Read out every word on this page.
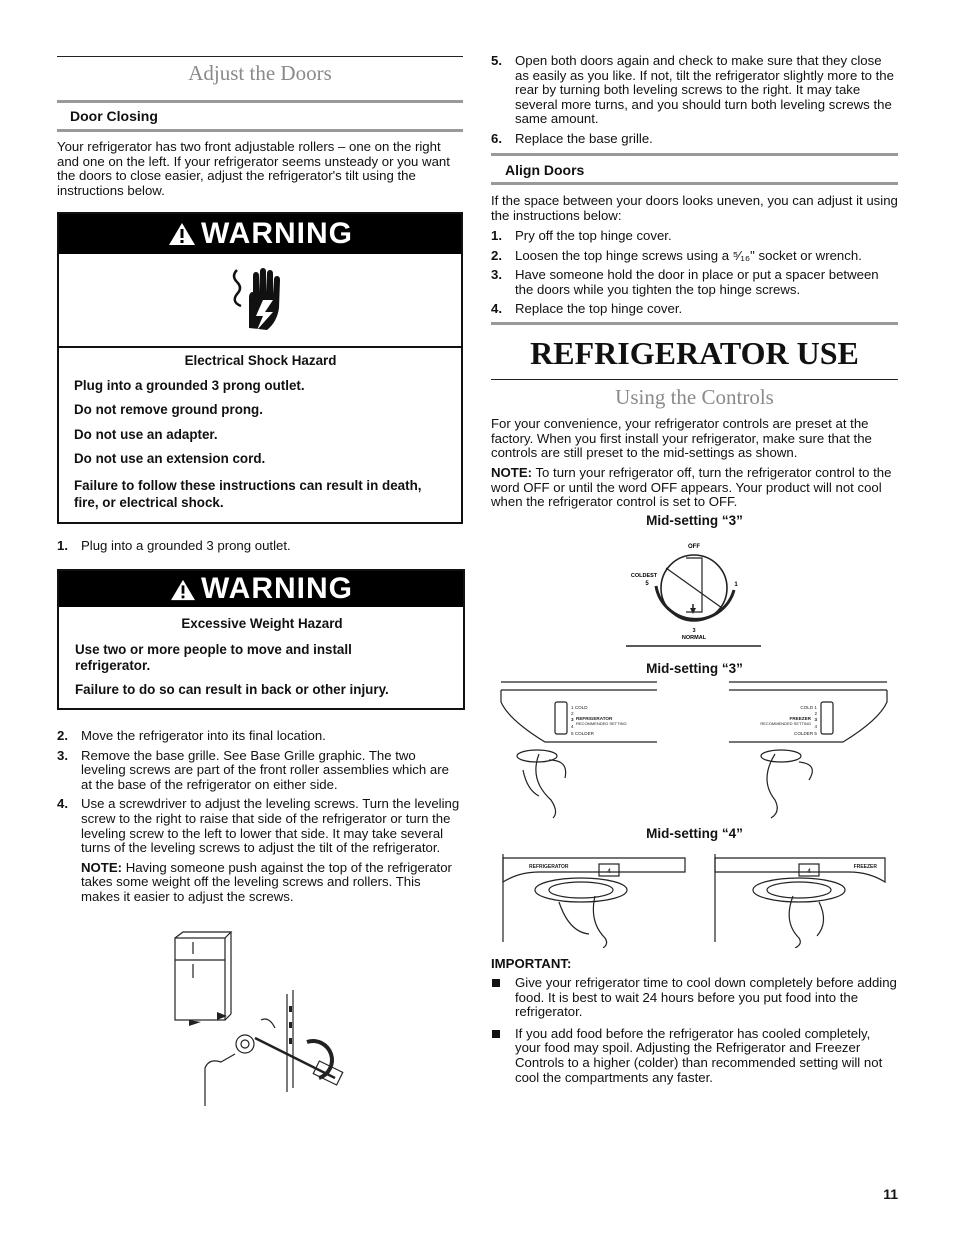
Adjust the Doors
Door Closing

Your refrigerator has two front adjustable rollers – one on the right and one on the left. If your refrigerator seems unsteady or you want the doors to close easier, adjust the refrigerator's tilt using the instructions below.

WARNING
Electrical Shock Hazard
Plug into a grounded 3 prong outlet.
Do not remove ground prong.
Do not use an adapter.
Do not use an extension cord.
Failure to follow these instructions can result in death, fire, or electrical shock.
1. Plug into a grounded 3 prong outlet.
WARNING
Excessive Weight Hazard
Use two or more people to move and install refrigerator.
Failure to do so can result in back or other injury.
2. Move the refrigerator into its final location.
3. Remove the base grille. See Base Grille graphic. The two leveling screws are part of the front roller assemblies which are at the base of the refrigerator on either side.
4. Use a screwdriver to adjust the leveling screws. Turn the leveling screw to the right to raise that side of the refrigerator or turn the leveling screw to the left to lower that side. It may take several turns of the leveling screws to adjust the tilt of the refrigerator.
NOTE: Having someone push against the top of the refrigerator takes some weight off the leveling screws and rollers. This makes it easier to adjust the screws.
5. Open both doors again and check to make sure that they close as easily as you like. If not, tilt the refrigerator slightly more to the rear by turning both leveling screws to the right. It may take several more turns, and you should turn both leveling screws the same amount.
6. Replace the base grille.
Align Doors

If the space between your doors looks uneven, you can adjust it using the instructions below:

1. Pry off the top hinge cover.
2. Loosen the top hinge screws using a ⁵⁄₁₆" socket or wrench.
3. Have someone hold the door in place or put a spacer between the doors while you tighten the top hinge screws.
4. Replace the top hinge cover.
REFRIGERATOR USE
Using the Controls

For your convenience, your refrigerator controls are preset at the factory. When you first install your refrigerator, make sure that the controls are still preset to the mid-settings as shown.

NOTE: To turn your refrigerator off, turn the refrigerator control to the word OFF or until the word OFF appears. Your product will not cool when the refrigerator control is set to OFF.

Mid-setting “3”
OFF
COLDEST
5	1
3
NORMAL
Mid-setting “3”
1 COLD
2
3 REFRIGERATOR
RECOMMENDED SETTING
4
5 COLDER
COLD 1
2
FREEZER 3
RECOMMENDED SETTING
4
COLDER 5
Mid-setting “4”
REFRIGERATOR
4
FREEZER
4
IMPORTANT:
Give your refrigerator time to cool down completely before adding food. It is best to wait 24 hours before you put food into the refrigerator.
If you add food before the refrigerator has cooled completely, your food may spoil. Adjusting the Refrigerator and Freezer Controls to a higher (colder) than recommended setting will not cool the compartments any faster.
11
